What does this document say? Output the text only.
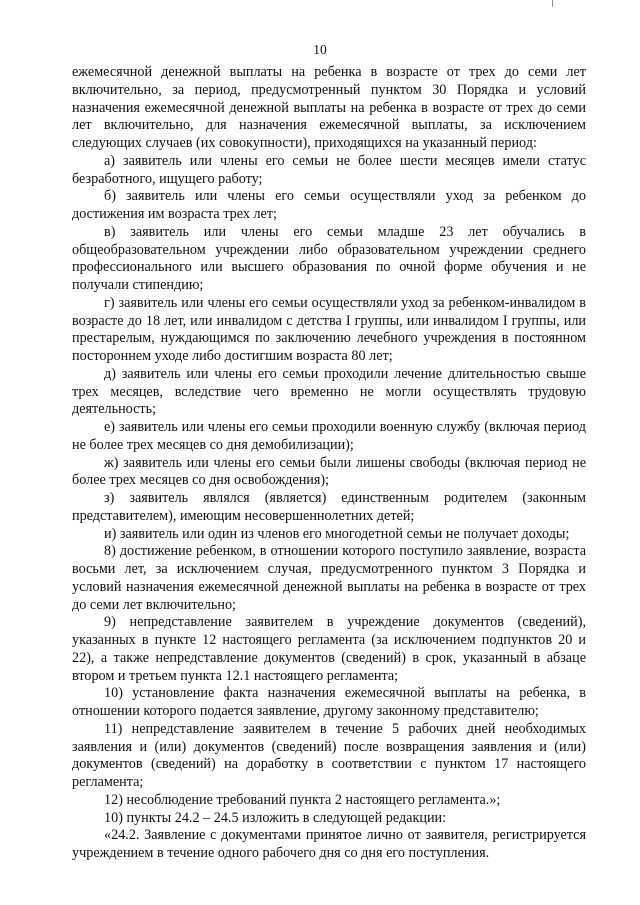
10

ежемесячной денежной выплаты на ребенка в возрасте от трех до семи лет включительно, за период, предусмотренный пунктом 30 Порядка и условий назначения ежемесячной денежной выплаты на ребенка в возрасте от трех до семи лет включительно, для назначения ежемесячной выплаты, за исключением следующих случаев (их совокупности), приходящихся на указанный период:

а) заявитель или члены его семьи не более шести месяцев имели статус безработного, ищущего работу;

б) заявитель или члены его семьи осуществляли уход за ребенком до достижения им возраста трех лет;

в) заявитель или члены его семьи младше 23 лет обучались в общеобразовательном учреждении либо образовательном учреждении среднего профессионального или высшего образования по очной форме обучения и не получали стипендию;

г) заявитель или члены его семьи осуществляли уход за ребенком-инвалидом в возрасте до 18 лет, или инвалидом с детства I группы, или инвалидом I группы, или престарелым, нуждающимся по заключению лечебного учреждения в постоянном постороннем уходе либо достигшим возраста 80 лет;

д) заявитель или члены его семьи проходили лечение длительностью свыше трех месяцев, вследствие чего временно не могли осуществлять трудовую деятельность;

е) заявитель или члены его семьи проходили военную службу (включая период не более трех месяцев со дня демобилизации);

ж) заявитель или члены его семьи были лишены свободы (включая период не более трех месяцев со дня освобождения);

з) заявитель являлся (является) единственным родителем (законным представителем), имеющим несовершеннолетних детей;

и) заявитель или один из членов его многодетной семьи не получает доходы;

8) достижение ребенком, в отношении которого поступило заявление, возраста восьми лет, за исключением случая, предусмотренного пунктом 3 Порядка и условий назначения ежемесячной денежной выплаты на ребенка в возрасте от трех до семи лет включительно;

9) непредставление заявителем в учреждение документов (сведений), указанных в пункте 12 настоящего регламента (за исключением подпунктов 20 и 22), а также непредставление документов (сведений) в срок, указанный в абзаце втором и третьем пункта 12.1 настоящего регламента;

10) установление факта назначения ежемесячной выплаты на ребенка, в отношении которого подается заявление, другому законному представителю;

11) непредставление заявителем в течение 5 рабочих дней необходимых заявления и (или) документов (сведений) после возвращения заявления и (или) документов (сведений) на доработку в соответствии с пунктом 17 настоящего регламента;

12) несоблюдение требований пункта 2 настоящего регламента.»;

10) пункты 24.2 – 24.5 изложить в следующей редакции:

«24.2. Заявление с документами принятое лично от заявителя, регистрируется учреждением в течение одного рабочего дня со дня его поступления.
